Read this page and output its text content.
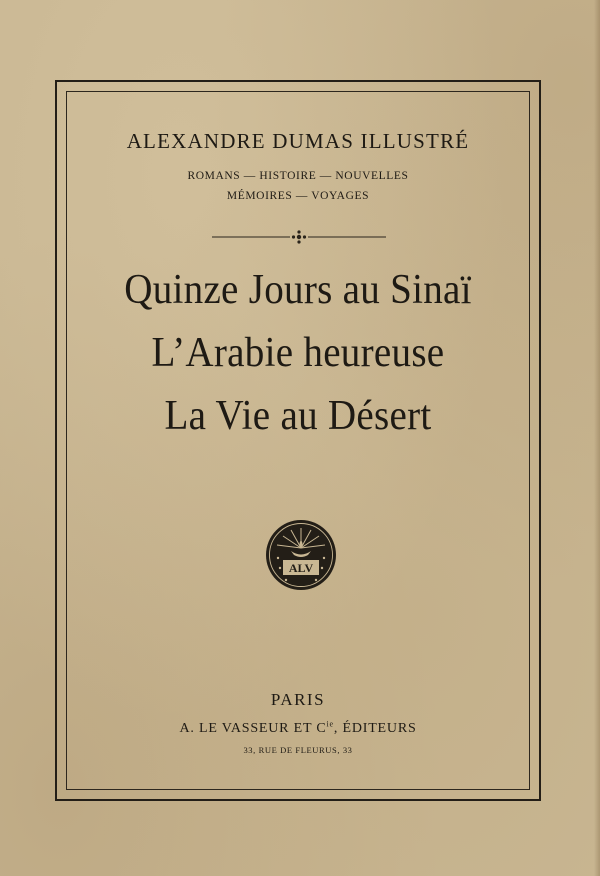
ALEXANDRE DUMAS ILLUSTRÉ
ROMANS — HISTOIRE — NOUVELLES
MÉMOIRES — VOYAGES
Quinze Jours au Sinaï
L’Arabie heureuse
La Vie au Désert
ALV
PARIS
A. LE VASSEUR ET $C^{ie}$, ÉDITEURS
33, RUE DE FLEURUS, 33
